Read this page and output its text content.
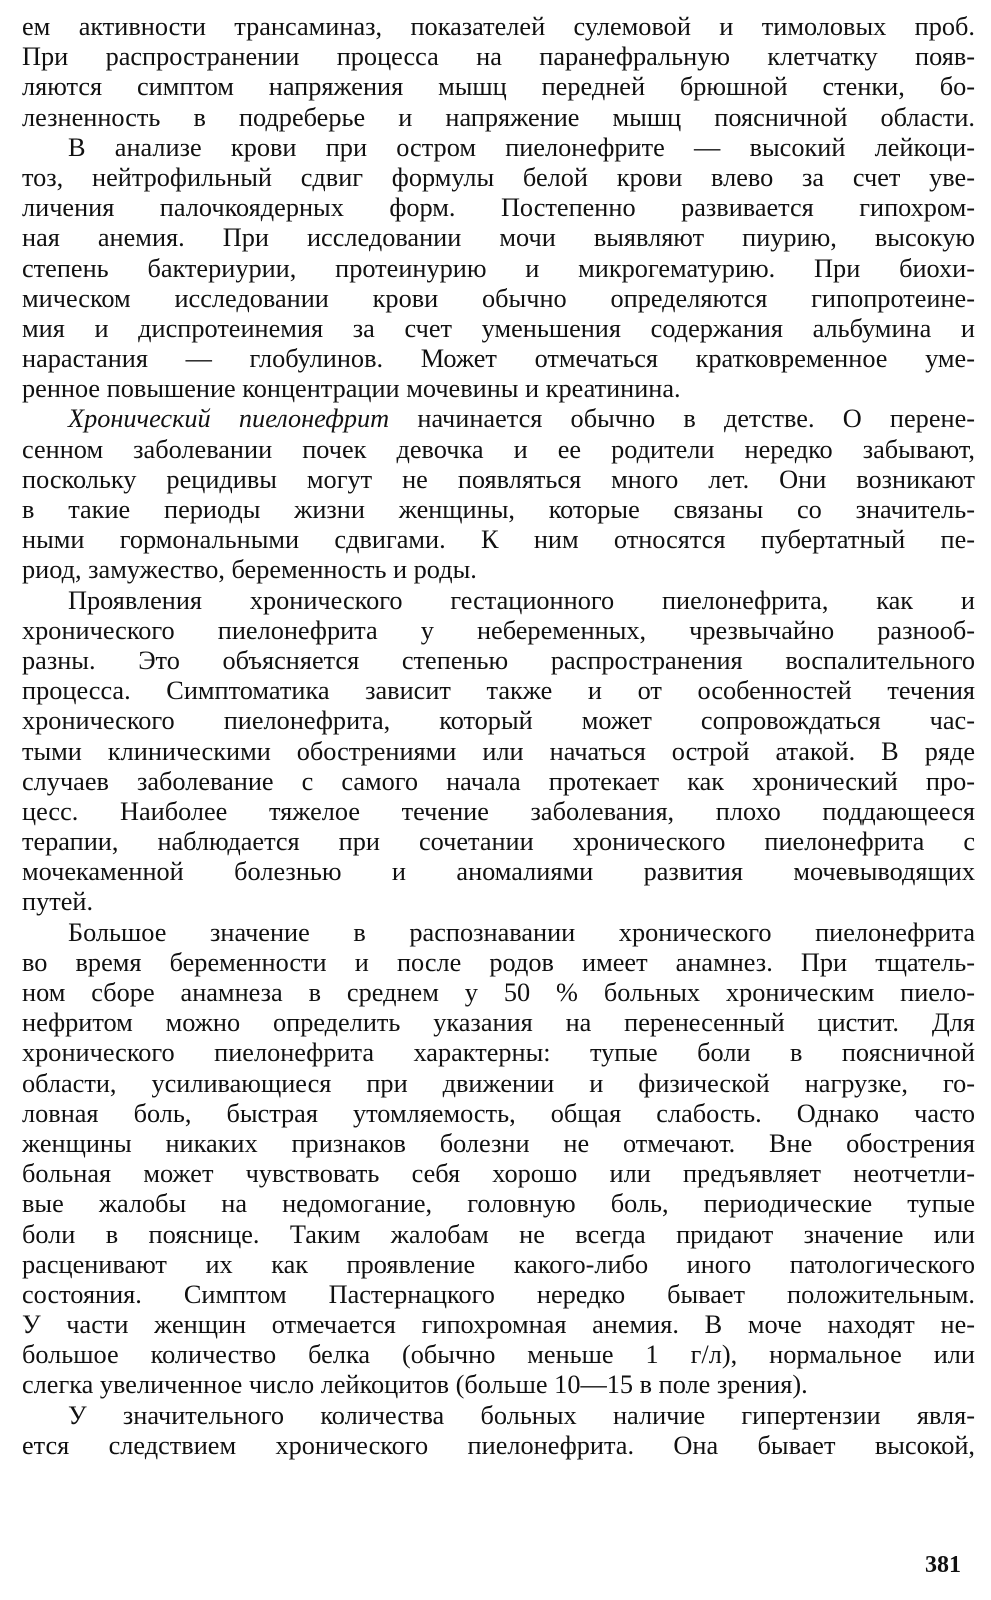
ем активности трансаминаз, показателей сулемовой и тимоловых проб.
При распространении процесса на паранефральную клетчатку появ-
ляются симптом напряжения мышц передней брюшной стенки, бо-
лезненность в подреберье и напряжение мышц поясничной области.
В анализе крови при остром пиелонефрите — высокий лейкоци-
тоз, нейтрофильный сдвиг формулы белой крови влево за счет уве-
личения палочкоядерных форм. Постепенно развивается гипохром-
ная анемия. При исследовании мочи выявляют пиурию, высокую
степень бактериурии, протеинурию и микрогематурию. При биохи-
мическом исследовании крови обычно определяются гипопротеине-
мия и диспротеинемия за счет уменьшения содержания альбумина и
нарастания — глобулинов. Может отмечаться кратковременное уме-
ренное повышение концентрации мочевины и креатинина.
Хронический пиелонефрит начинается обычно в детстве. О перене-
сенном заболевании почек девочка и ее родители нередко забывают,
поскольку рецидивы могут не появляться много лет. Они возникают
в такие периоды жизни женщины, которые связаны со значитель-
ными гормональными сдвигами. К ним относятся пубертатный пе-
риод, замужество, беременность и роды.
Проявления хронического гестационного пиелонефрита, как и
хронического пиелонефрита у небеременных, чрезвычайно разнооб-
разны. Это объясняется степенью распространения воспалительного
процесса. Симптоматика зависит также и от особенностей течения
хронического пиелонефрита, который может сопровождаться час-
тыми клиническими обострениями или начаться острой атакой. В ряде
случаев заболевание с самого начала протекает как хронический про-
цесс. Наиболее тяжелое течение заболевания, плохо поддающееся
терапии, наблюдается при сочетании хронического пиелонефрита с
мочекаменной болезнью и аномалиями развития мочевыводящих
путей.
Большое значение в распознавании хронического пиелонефрита
во время беременности и после родов имеет анамнез. При тщатель-
ном сборе анамнеза в среднем у 50 % больных хроническим пиело-
нефритом можно определить указания на перенесенный цистит. Для
хронического пиелонефрита характерны: тупые боли в поясничной
области, усиливающиеся при движении и физической нагрузке, го-
ловная боль, быстрая утомляемость, общая слабость. Однако часто
женщины никаких признаков болезни не отмечают. Вне обострения
больная может чувствовать себя хорошо или предъявляет неотчетли-
вые жалобы на недомогание, головную боль, периодические тупые
боли в пояснице. Таким жалобам не всегда придают значение или
расценивают их как проявление какого-либо иного патологического
состояния. Симптом Пастернацкого нередко бывает положительным.
У части женщин отмечается гипохромная анемия. В моче находят не-
большое количество белка (обычно меньше 1 г/л), нормальное или
слегка увеличенное число лейкоцитов (больше 10—15 в поле зрения).
У значительного количества больных наличие гипертензии явля-
ется следствием хронического пиелонефрита. Она бывает высокой,
381
